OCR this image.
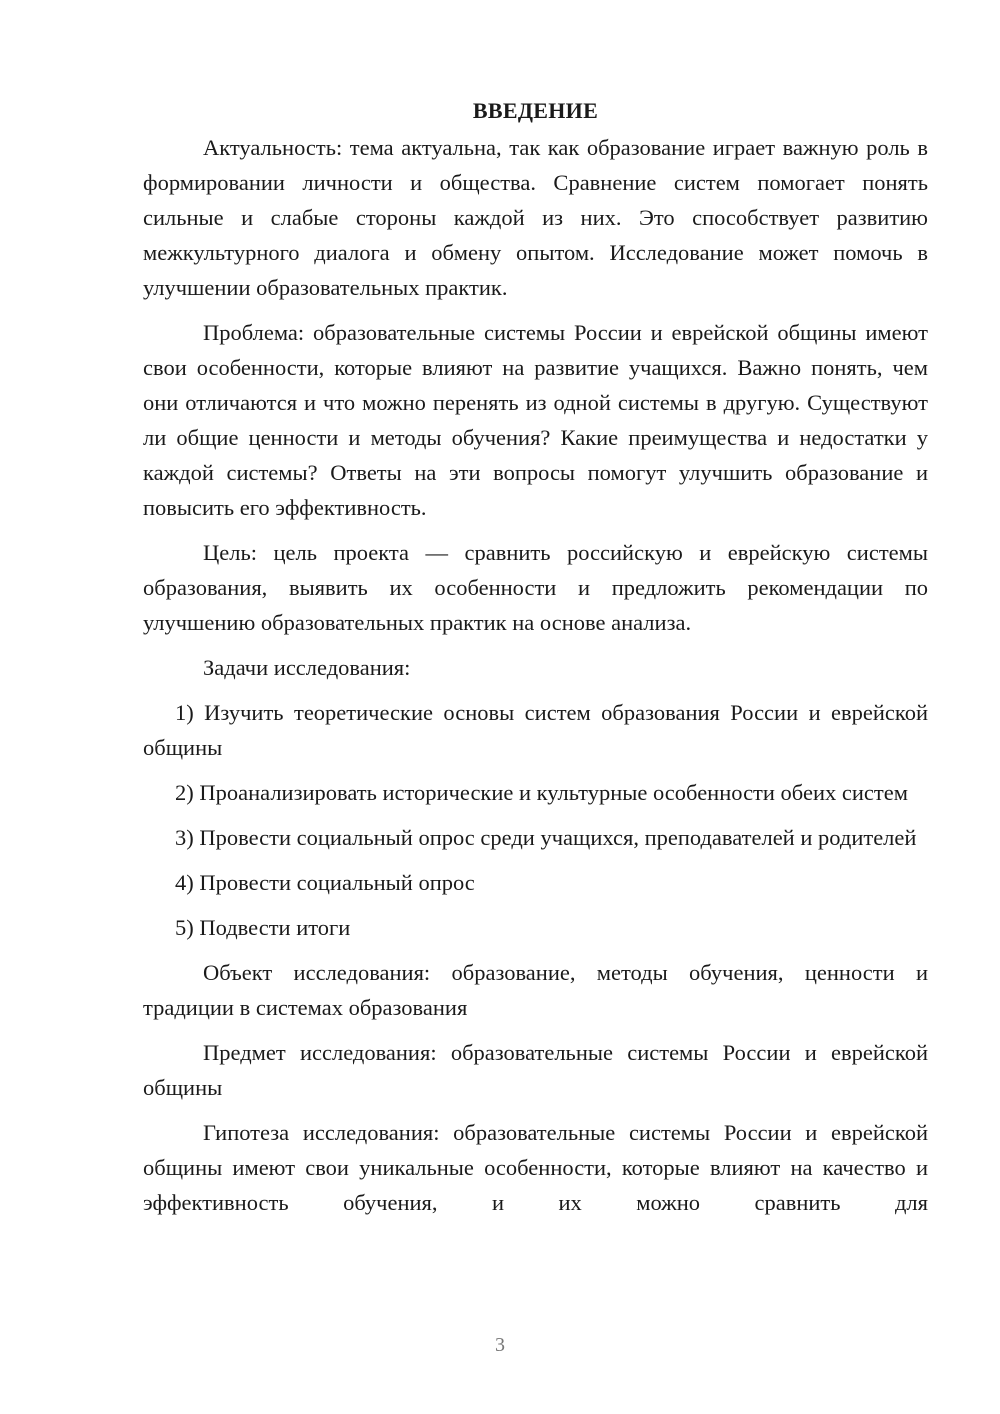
ВВЕДЕНИЕ

Актуальность: тема актуальна, так как образование играет важную роль в формировании личности и общества. Сравнение систем помогает понять сильные и слабые стороны каждой из них. Это способствует развитию межкультурного диалога и обмену опытом. Исследование может помочь в улучшении образовательных практик.

Проблема: образовательные системы России и еврейской общины имеют свои особенности, которые влияют на развитие учащихся. Важно понять, чем они отличаются и что можно перенять из одной системы в другую. Существуют ли общие ценности и методы обучения? Какие преимущества и недостатки у каждой системы? Ответы на эти вопросы помогут улучшить образование и повысить его эффективность.

Цель: цель проекта — сравнить российскую и еврейскую системы образования, выявить их особенности и предложить рекомендации по улучшению образовательных практик на основе анализа.

Задачи исследования:

1) Изучить теоретические основы систем образования России и еврейской общины

2) Проанализировать исторические и культурные особенности обеих систем

3) Провести социальный опрос среди учащихся, преподавателей и родителей

4) Провести социальный опрос

5) Подвести итоги

Объект исследования: образование, методы обучения, ценности и традиции в системах образования

Предмет исследования: образовательные системы России и еврейской общины

Гипотеза исследования: образовательные системы России и еврейской общины имеют свои уникальные особенности, которые влияют на качество и эффективность обучения, и их можно сравнить для

3
